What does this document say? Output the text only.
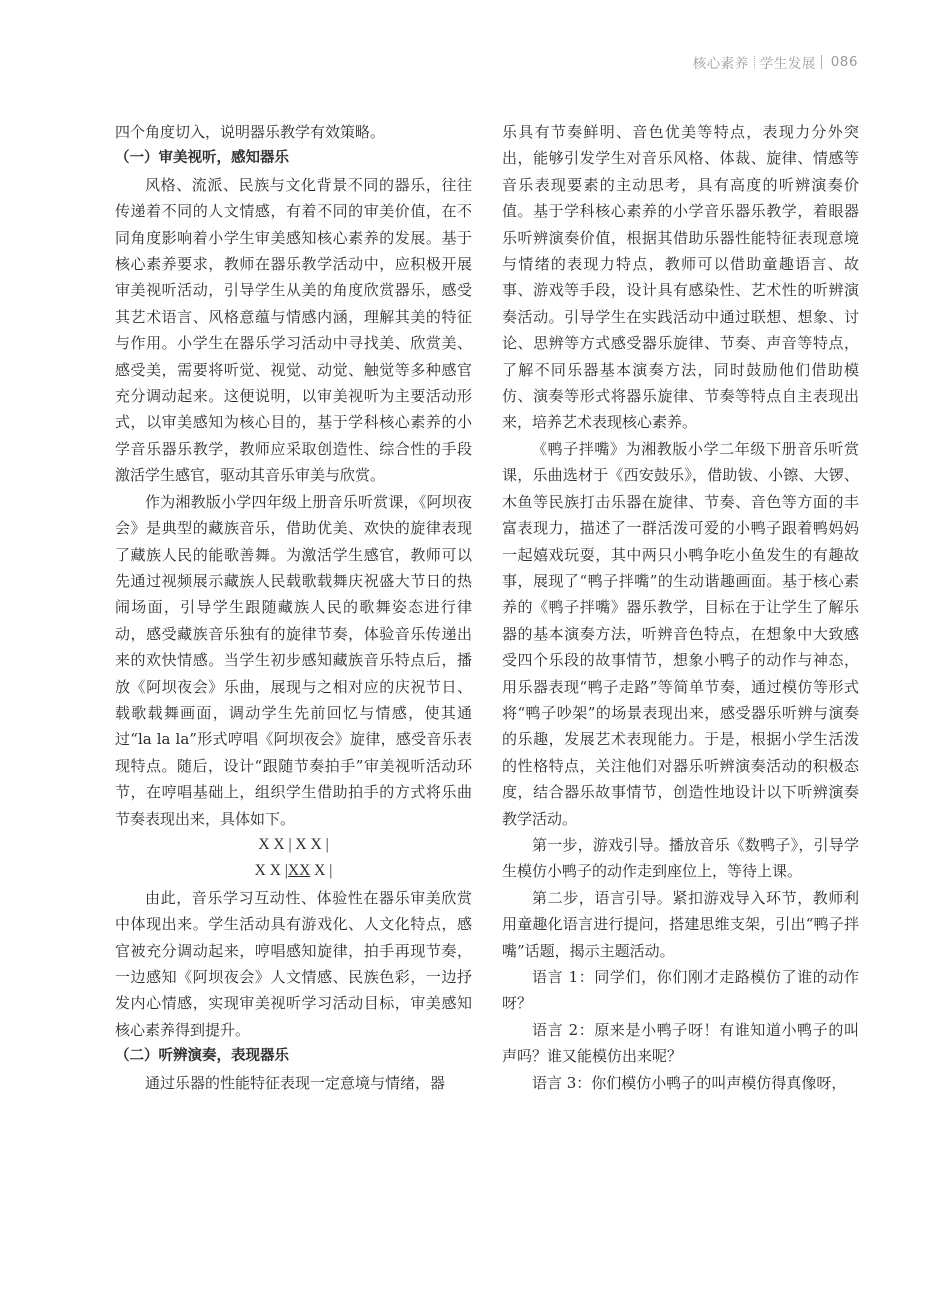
核心素养 学生发展 086

四个角度切入，说明器乐教学有效策略。

（一）审美视听，感知器乐

风格、流派、民族与文化背景不同的器乐，往往传递着不同的人文情感，有着不同的审美价值，在不同角度影响着小学生审美感知核心素养的发展。基于核心素养要求，教师在器乐教学活动中，应积极开展审美视听活动，引导学生从美的角度欣赏器乐，感受其艺术语言、风格意蕴与情感内涵，理解其美的特征与作用。小学生在器乐学习活动中寻找美、欣赏美、感受美，需要将听觉、视觉、动觉、触觉等多种感官充分调动起来。这便说明，以审美视听为主要活动形式，以审美感知为核心目的，基于学科核心素养的小学音乐器乐教学，教师应采取创造性、综合性的手段激活学生感官，驱动其音乐审美与欣赏。

作为湘教版小学四年级上册音乐听赏课，《阿坝夜会》是典型的藏族音乐，借助优美、欢快的旋律表现了藏族人民的能歌善舞。为激活学生感官，教师可以先通过视频展示藏族人民载歌载舞庆祝盛大节日的热闹场面，引导学生跟随藏族人民的歌舞姿态进行律动，感受藏族音乐独有的旋律节奏，体验音乐传递出来的欢快情感。当学生初步感知藏族音乐特点后，播放《阿坝夜会》乐曲，展现与之相对应的庆祝节日、载歌载舞画面，调动学生先前回忆与情感，使其通过“la la la”形式哼唱《阿坝夜会》旋律，感受音乐表现特点。随后，设计“跟随节奏拍手”审美视听活动环节，在哼唱基础上，组织学生借助拍手的方式将乐曲节奏表现出来，具体如下。

X X | X X |

X X |XX X |

由此，音乐学习互动性、体验性在器乐审美欣赏中体现出来。学生活动具有游戏化、人文化特点，感官被充分调动起来，哼唱感知旋律，拍手再现节奏，一边感知《阿坝夜会》人文情感、民族色彩，一边抒发内心情感，实现审美视听学习活动目标，审美感知核心素养得到提升。

（二）听辨演奏，表现器乐

通过乐器的性能特征表现一定意境与情绪，器

乐具有节奏鲜明、音色优美等特点，表现力分外突出，能够引发学生对音乐风格、体裁、旋律、情感等音乐表现要素的主动思考，具有高度的听辨演奏价值。基于学科核心素养的小学音乐器乐教学，着眼器乐听辨演奏价值，根据其借助乐器性能特征表现意境与情绪的表现力特点，教师可以借助童趣语言、故事、游戏等手段，设计具有感染性、艺术性的听辨演奏活动。引导学生在实践活动中通过联想、想象、讨论、思辨等方式感受器乐旋律、节奏、声音等特点，了解不同乐器基本演奏方法，同时鼓励他们借助模仿、演奏等形式将器乐旋律、节奏等特点自主表现出来，培养艺术表现核心素养。

《鸭子拌嘴》为湘教版小学二年级下册音乐听赏课，乐曲选材于《西安鼓乐》，借助钹、小镲、大锣、木鱼等民族打击乐器在旋律、节奏、音色等方面的丰富表现力，描述了一群活泼可爱的小鸭子跟着鸭妈妈一起嬉戏玩耍，其中两只小鸭争吃小鱼发生的有趣故事，展现了“鸭子拌嘴”的生动谐趣画面。基于核心素养的《鸭子拌嘴》器乐教学，目标在于让学生了解乐器的基本演奏方法，听辨音色特点，在想象中大致感受四个乐段的故事情节，想象小鸭子的动作与神态，用乐器表现“鸭子走路”等简单节奏，通过模仿等形式将“鸭子吵架”的场景表现出来，感受器乐听辨与演奏的乐趣，发展艺术表现能力。于是，根据小学生活泼的性格特点，关注他们对器乐听辨演奏活动的积极态度，结合器乐故事情节，创造性地设计以下听辨演奏教学活动。

第一步，游戏引导。播放音乐《数鸭子》，引导学生模仿小鸭子的动作走到座位上，等待上课。

第二步，语言引导。紧扣游戏导入环节，教师利用童趣化语言进行提问，搭建思维支架，引出“鸭子拌嘴”话题，揭示主题活动。

语言 1：同学们，你们刚才走路模仿了谁的动作呀？

语言 2：原来是小鸭子呀！有谁知道小鸭子的叫声吗？谁又能模仿出来呢？

语言 3：你们模仿小鸭子的叫声模仿得真像呀，
